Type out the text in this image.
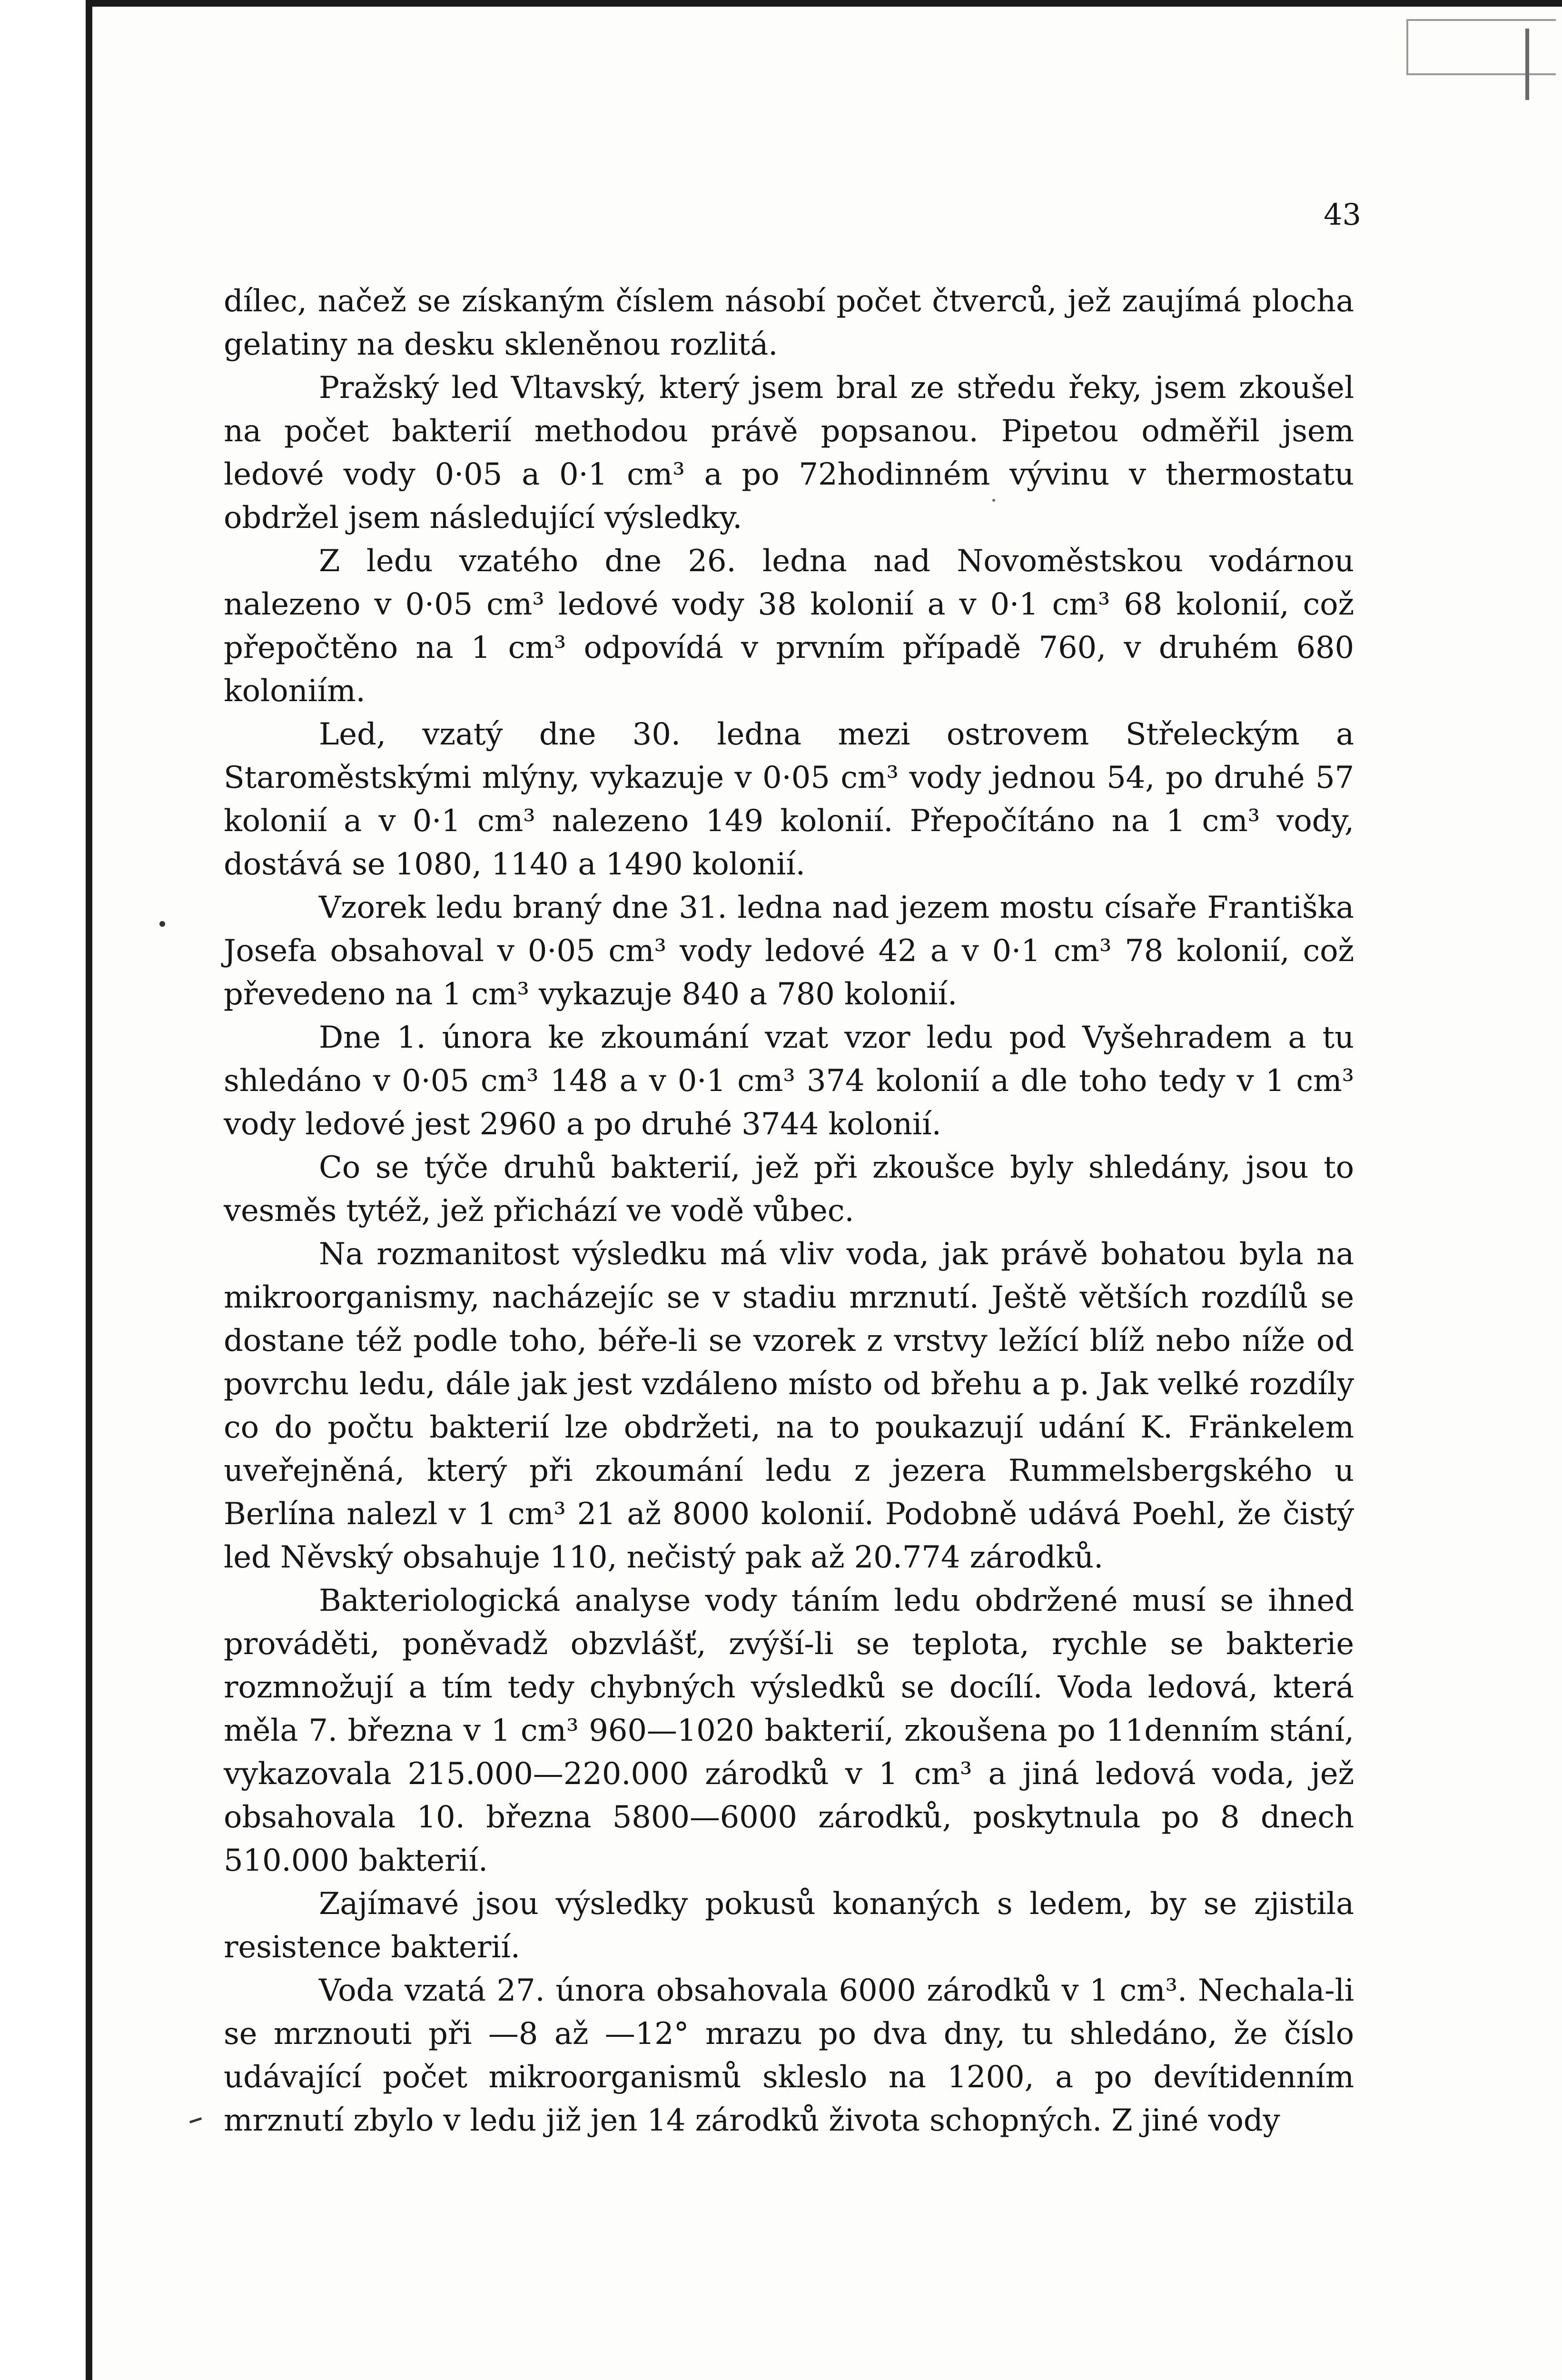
43

dílec, načež se získaným číslem násobí počet čtverců, jež zaujímá plocha gelatiny na desku skleněnou rozlitá.

Pražský led Vltavský, který jsem bral ze středu řeky, jsem zkoušel na počet bakterií methodou právě popsanou. Pipetou odměřil jsem ledové vody 0·05 a 0·1 cm³ a po 72hodinném vývinu v thermostatu obdržel jsem následující výsledky.

Z ledu vzatého dne 26. ledna nad Novoměstskou vodárnou nalezeno v 0·05 cm³ ledové vody 38 kolonií a v 0·1 cm³ 68 kolonií, což přepočtěno na 1 cm³ odpovídá v prvním případě 760, v druhém 680 koloniím.

Led, vzatý dne 30. ledna mezi ostrovem Střeleckým a Staroměstskými mlýny, vykazuje v 0·05 cm³ vody jednou 54, po druhé 57 kolonií a v 0·1 cm³ nalezeno 149 kolonií. Přepočítáno na 1 cm³ vody, dostává se 1080, 1140 a 1490 kolonií.

Vzorek ledu braný dne 31. ledna nad jezem mostu císaře Františka Josefa obsahoval v 0·05 cm³ vody ledové 42 a v 0·1 cm³ 78 kolonií, což převedeno na 1 cm³ vykazuje 840 a 780 kolonií.

Dne 1. února ke zkoumání vzat vzor ledu pod Vyšehradem a tu shledáno v 0·05 cm³ 148 a v 0·1 cm³ 374 kolonií a dle toho tedy v 1 cm³ vody ledové jest 2960 a po druhé 3744 kolonií.

Co se týče druhů bakterií, jež při zkoušce byly shledány, jsou to vesměs tytéž, jež přichází ve vodě vůbec.

Na rozmanitost výsledku má vliv voda, jak právě bohatou byla na mikroorganismy, nacházejíc se v stadiu mrznutí. Ještě větších rozdílů se dostane též podle toho, béře-li se vzorek z vrstvy ležící blíž nebo níže od povrchu ledu, dále jak jest vzdáleno místo od břehu a p. Jak velké rozdíly co do počtu bakterií lze obdržeti, na to poukazují udání K. Fränkelem uveřejněná, který při zkoumání ledu z jezera Rummelsbergského u Berlína nalezl v 1 cm³ 21 až 8000 kolonií. Podobně udává Poehl, že čistý led Něvský obsahuje 110, nečistý pak až 20.774 zárodků.

Bakteriologická analyse vody táním ledu obdržené musí se ihned prováděti, poněvadž obzvlášť, zvýší-li se teplota, rychle se bakterie rozmnožují a tím tedy chybných výsledků se docílí. Voda ledová, která měla 7. března v 1 cm³ 960—1020 bakterií, zkoušena po 11denním stání, vykazovala 215.000—220.000 zárodků v 1 cm³ a jiná ledová voda, jež obsahovala 10. března 5800—6000 zárodků, poskytnula po 8 dnech 510.000 bakterií.

Zajímavé jsou výsledky pokusů konaných s ledem, by se zjistila resistence bakterií.

Voda vzatá 27. února obsahovala 6000 zárodků v 1 cm³. Nechala-li se mrznouti při —8 až —12° mrazu po dva dny, tu shledáno, že číslo udávající počet mikroorganismů skleslo na 1200, a po devítidenním mrznutí zbylo v ledu již jen 14 zárodků života schopných. Z jiné vody
